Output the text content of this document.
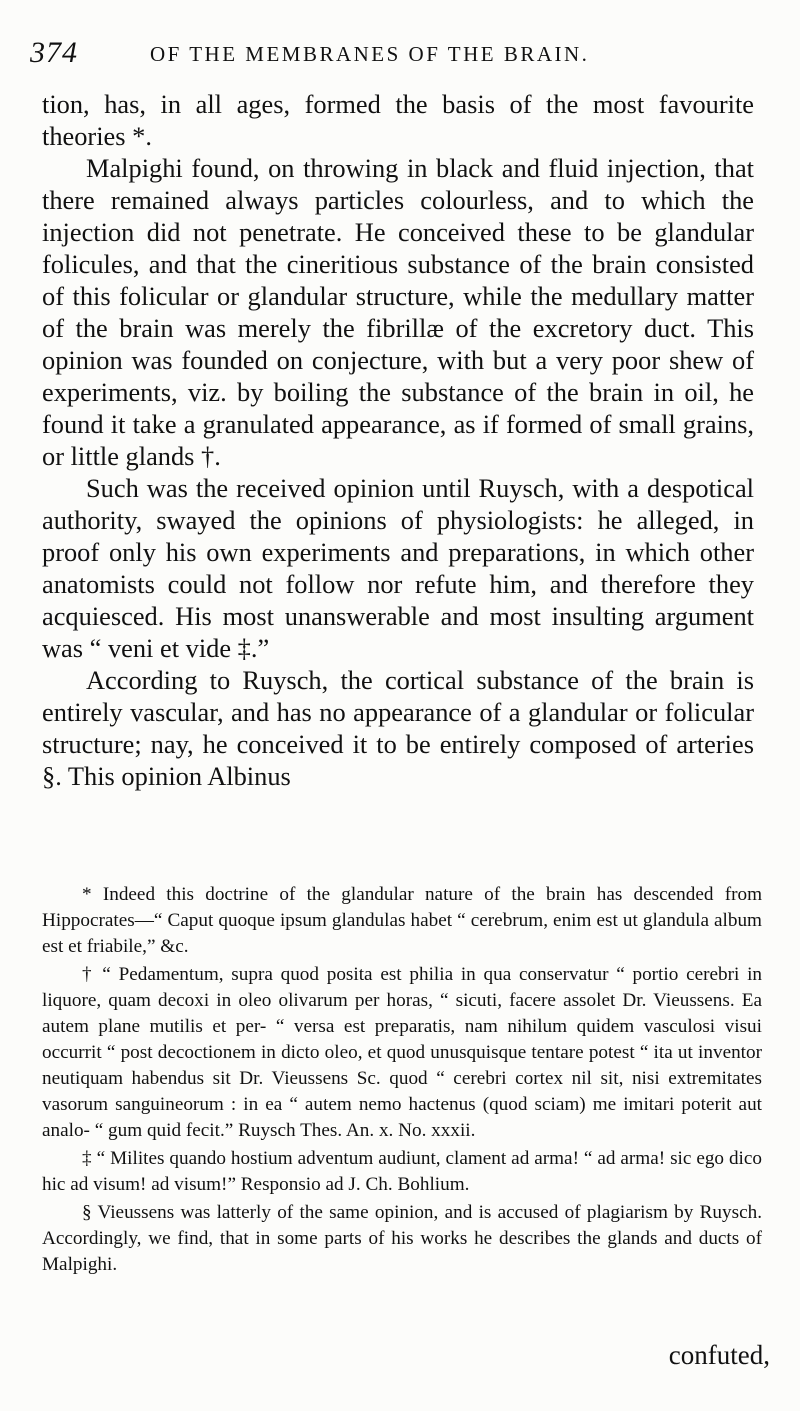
374	OF THE MEMBRANES OF THE BRAIN.

tion, has, in all ages, formed the basis of the most favourite theories *.

Malpighi found, on throwing in black and fluid injection, that there remained always particles colourless, and to which the injection did not penetrate. He conceived these to be glandular folicules, and that the cineritious substance of the brain consisted of this folicular or glandular structure, while the medullary matter of the brain was merely the fibrillæ of the excretory duct. This opinion was founded on conjecture, with but a very poor shew of experiments, viz. by boiling the substance of the brain in oil, he found it take a granulated appearance, as if formed of small grains, or little glands †.

Such was the received opinion until Ruysch, with a despotical authority, swayed the opinions of physiologists: he alleged, in proof only his own experiments and preparations, in which other anatomists could not follow nor refute him, and therefore they acquiesced. His most unanswerable and most insulting argument was “ veni et vide ‡.”

According to Ruysch, the cortical substance of the brain is entirely vascular, and has no appearance of a glandular or folicular structure; nay, he conceived it to be entirely composed of arteries §. This opinion Albinus

* Indeed this doctrine of the glandular nature of the brain has descended from Hippocrates—“ Caput quoque ipsum glandulas habet “ cerebrum, enim est ut glandula album est et friabile,” &c.

† “ Pedamentum, supra quod posita est philia in qua conservatur “ portio cerebri in liquore, quam decoxi in oleo olivarum per horas, “ sicuti, facere assolet Dr. Vieussens. Ea autem plane mutilis et per- “ versa est preparatis, nam nihilum quidem vasculosi visui occurrit “ post decoctionem in dicto oleo, et quod unusquisque tentare potest “ ita ut inventor neutiquam habendus sit Dr. Vieussens Sc. quod “ cerebri cortex nil sit, nisi extremitates vasorum sanguineorum : in ea “ autem nemo hactenus (quod sciam) me imitari poterit aut analo- “ gum quid fecit.” Ruysch Thes. An. x. No. xxxii.

‡ “ Milites quando hostium adventum audiunt, clament ad arma! “ ad arma! sic ego dico hic ad visum! ad visum!” Responsio ad J. Ch. Bohlium.

§ Vieussens was latterly of the same opinion, and is accused of plagiarism by Ruysch. Accordingly, we find, that in some parts of his works he describes the glands and ducts of Malpighi.

confuted,
